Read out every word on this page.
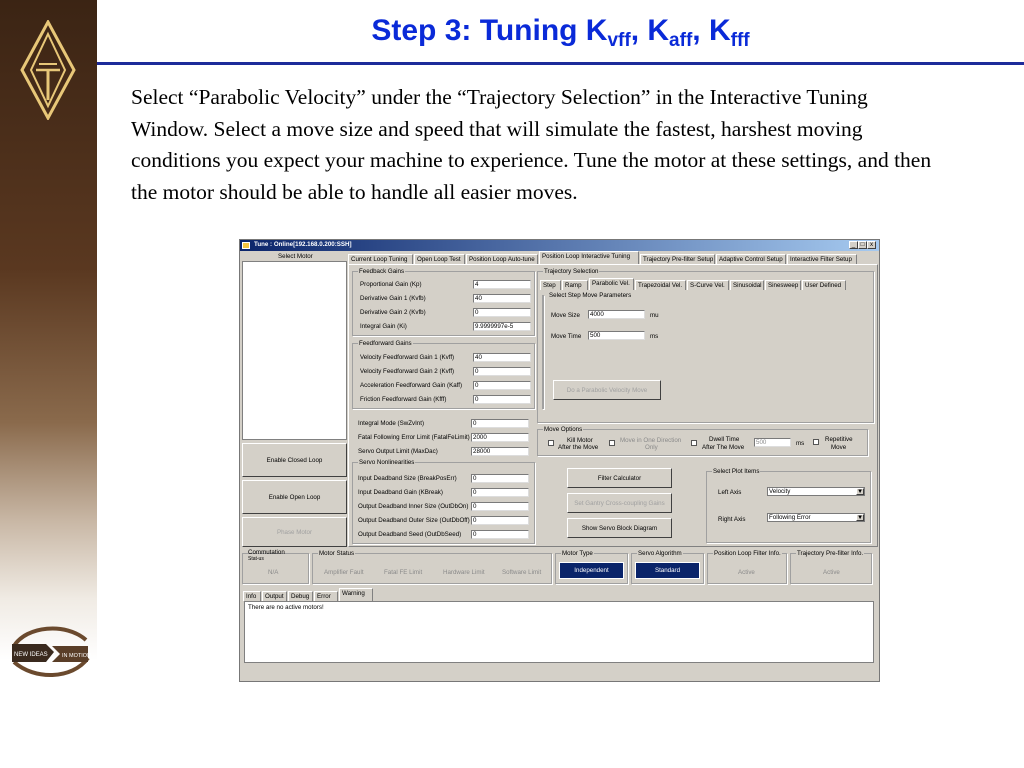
Step 3: Tuning $K_{vff}$, $K_{aff}$, $K_{fff}$
Select “Parabolic Velocity” under the “Trajectory Selection” in the Interactive Tuning Window. Select a move size and speed that will simulate the fastest, harshest moving conditions you expect your machine to experience. Tune the motor at these settings, and then the motor should be able to handle all easier moves.
NEW IDEAS	IN MOTION
Tune : Online[192.168.0.200:SSH]	_ □ x
Select Motor
Enable Closed Loop
Enable Open Loop
Phase Motor
Current Loop Tuning	Open Loop Test	Position Loop Auto-tune	Position Loop Interactive Tuning	Trajectory Pre-filter Setup Adaptive Control Setup	Interactive Filter Setup
Feedback Gains
Proportional Gain (Kp)	4
Derivative Gain 1 (Kvfb)	40
Derivative Gain 2 (Kvfb)	0
Integral Gain (Ki)	9.9999997e-5
Feedforward Gains
Velocity Feedforward Gain 1 (Kvff)	40
Velocity Feedforward Gain 2 (Kvff)	0
Acceleration Feedforward Gain (Kaff)	0
Friction Feedforward Gain (Kfff)	0
Integral Mode (SwZvInt)	0
Fatal Following Error Limit (FatalFeLimit) 2000
Servo Output Limit (MaxDac)	28000
Servo Nonlinearities
Input Deadband Size (BreakPosErr)	0
Input Deadband Gain (KBreak)	0
Output Deadband Inner Size (OutDbOn) 0
Output Deadband Outer Size (OutDbOff) 0
Output Deadband Seed (OutDbSeed)	0
Trajectory Selection
Step	Ramp	Parabolic Vel.	Trapezoidal Vel.	S-Curve Vel.	Sinusoidal	Sinesweep	User Defined
Select Step Move Parameters
Move Size	4000	mu
Move Time	500	ms
Do a Parabolic Velocity Move
Move Options
Kill Motor
After the Move
Move in One Direction
Only
Dwell Time
After The Move
500	ms
Repetitive
Move
Filter Calculator
Set Gantry Cross-coupling Gains
Show Servo Block Diagram
Select Plot Items
Left Axis	Velocity	▼
Right Axis	Following Error	▼
Commutation
Stat-us
N/A
Motor Status
Amplifier Fault	Fatal FE Limit	Hardware Limit	Software Limit
Motor Type
Independent
Servo Algorithm
Standard
Position Loop Filter Info.
Active
Trajectory Pre-filter Info.
Active
Info	Output	Debug	Error	Warning
There are no active motors!
